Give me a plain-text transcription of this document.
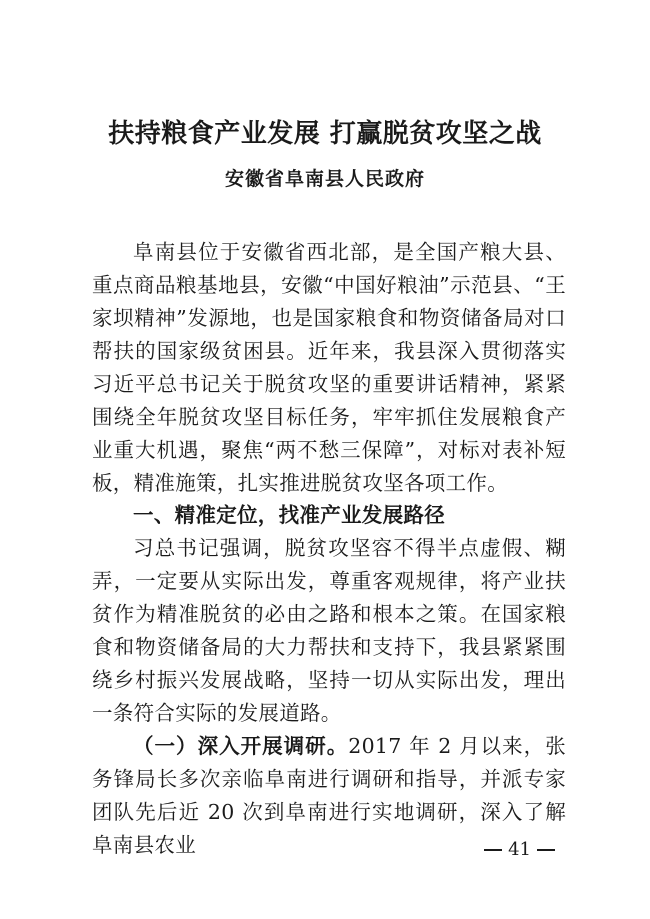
扶持粮食产业发展 打赢脱贫攻坚之战
安徽省阜南县人民政府

阜南县位于安徽省西北部，是全国产粮大县、重点商品粮基地县，安徽“中国好粮油”示范县、“王家坝精神”发源地，也是国家粮食和物资储备局对口帮扶的国家级贫困县。近年来，我县深入贯彻落实习近平总书记关于脱贫攻坚的重要讲话精神，紧紧围绕全年脱贫攻坚目标任务，牢牢抓住发展粮食产业重大机遇，聚焦“两不愁三保障”，对标对表补短板，精准施策，扎实推进脱贫攻坚各项工作。

一、精准定位，找准产业发展路径

习总书记强调，脱贫攻坚容不得半点虚假、糊弄，一定要从实际出发，尊重客观规律，将产业扶贫作为精准脱贫的必由之路和根本之策。在国家粮食和物资储备局的大力帮扶和支持下，我县紧紧围绕乡村振兴发展战略，坚持一切从实际出发，理出一条符合实际的发展道路。

（一）深入开展调研。2017 年 2 月以来，张务锋局长多次亲临阜南进行调研和指导，并派专家团队先后近 20 次到阜南进行实地调研，深入了解阜南县农业	41
